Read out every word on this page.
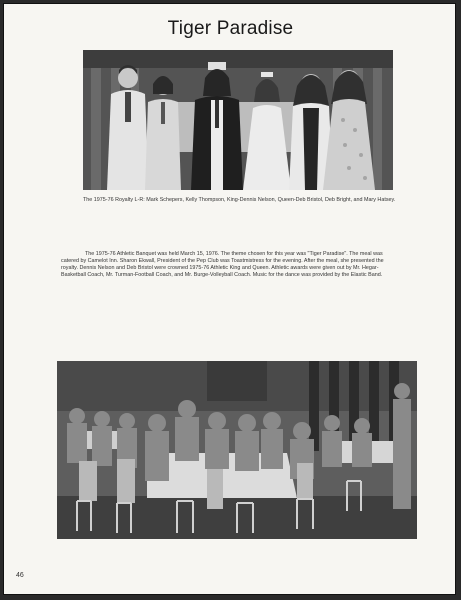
Tiger Paradise

The 1975-76 Royalty L-R: Mark Schepers, Kelly Thompson, King-Dennis Nelson, Queen-Deb Bristol, Deb Bright, and Mary Hatsey.

The 1975-76 Athletic Banquet was held March 15, 1976. The theme chosen for this year was "Tiger Paradise". The meal was catered by Camelot Inn. Sharon Ekwall, President of the Pep Club was Toastmistress for the evening. After the meal, she presented the royalty. Dennis Nelson and Deb Bristol were crowned 1975-76 Athletic King and Queen. Athletic awards were given out by Mr. Hegar-Basketball Coach, Mr. Turman-Football Coach, and Mr. Burge-Volleyball Coach. Music for the dance was provided by the Elastic Band.

46
